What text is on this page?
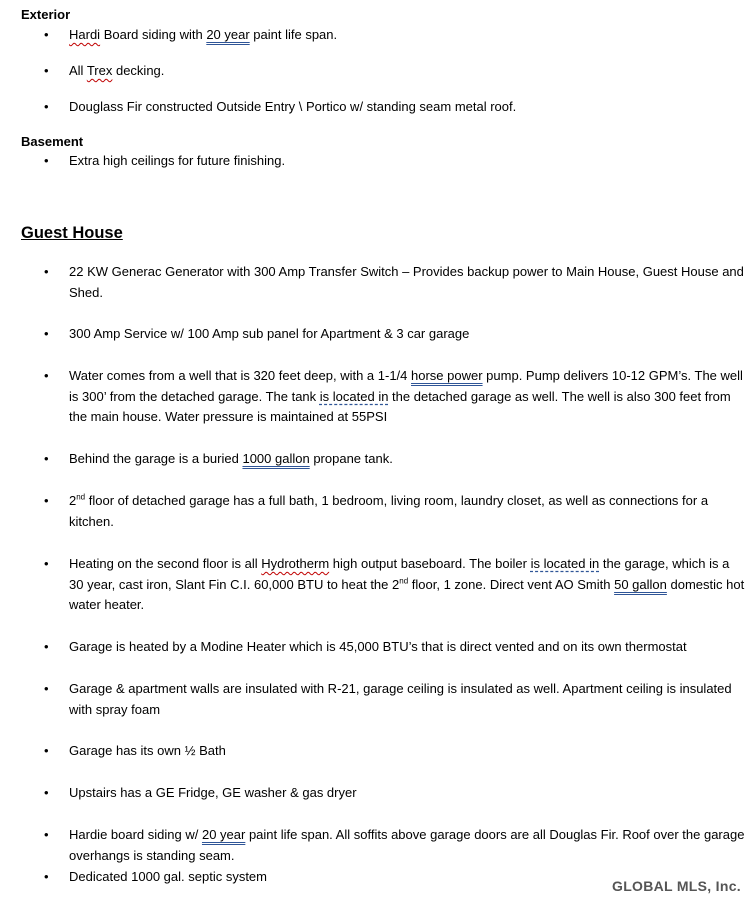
Exterior
• Hardi Board siding with 20 year paint life span.
• All Trex decking.
• Douglass Fir constructed Outside Entry \ Portico w/ standing seam metal roof.
Basement
• Extra high ceilings for future finishing.
Guest House
• 22 KW Generac Generator with 300 Amp Transfer Switch – Provides backup power to Main House, Guest House and Shed.
• 300 Amp Service w/ 100 Amp sub panel for Apartment & 3 car garage
• Water comes from a well that is 320 feet deep, with a 1-1/4 horse power pump. Pump delivers 10-12 GPM’s. The well is 300’ from the detached garage. The tank is located in the detached garage as well. The well is also 300 feet from the main house. Water pressure is maintained at 55PSI
• Behind the garage is a buried 1000 gallon propane tank.
• 2nd floor of detached garage has a full bath, 1 bedroom, living room, laundry closet, as well as connections for a kitchen.
• Heating on the second floor is all Hydrotherm high output baseboard. The boiler is located in the garage, which is a 30 year, cast iron, Slant Fin C.I. 60,000 BTU to heat the 2nd floor, 1 zone. Direct vent AO Smith 50 gallon domestic hot water heater.
• Garage is heated by a Modine Heater which is 45,000 BTU’s that is direct vented and on its own thermostat
• Garage & apartment walls are insulated with R-21, garage ceiling is insulated as well. Apartment ceiling is insulated with spray foam
• Garage has its own ½ Bath
• Upstairs has a GE Fridge, GE washer & gas dryer
• Hardie board siding w/ 20 year paint life span. All soffits above garage doors are all Douglas Fir. Roof over the garage overhangs is standing seam.
• Dedicated 1000 gal. septic system
GLOBAL MLS, Inc.
